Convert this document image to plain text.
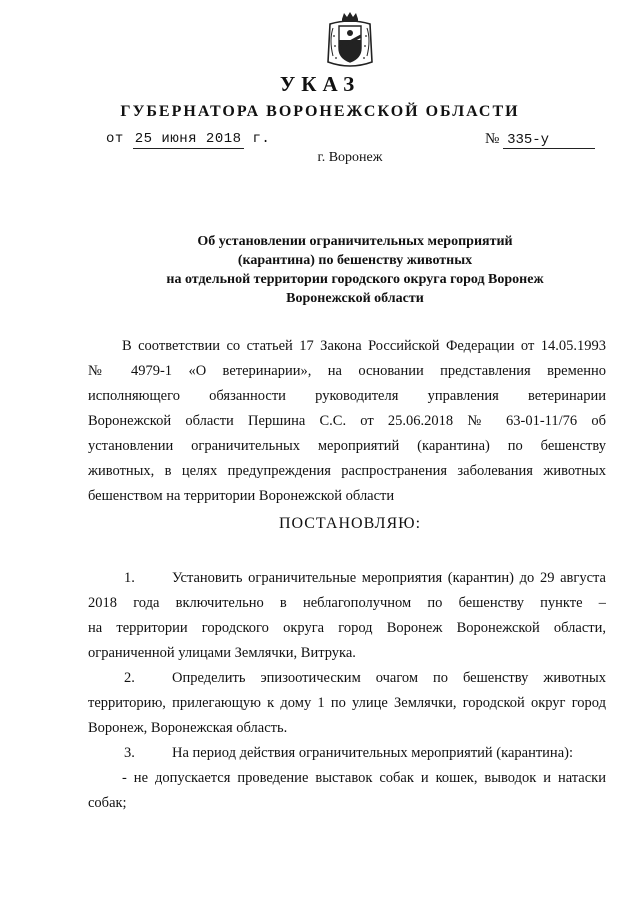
УКАЗ
ГУБЕРНАТОРА ВОРОНЕЖСКОЙ ОБЛАСТИ
от 25 июня 2018 г.	№ 335-у
г. Воронеж
Об установлении ограничительных мероприятий
(карантина) по бешенству животных
на отдельной территории городского округа город Воронеж
Воронежской области
В соответствии со статьей 17 Закона Российской Федерации от 14.05.1993
№ 4979-1 «О ветеринарии», на основании представления временно
исполняющего обязанности руководителя управления ветеринарии
Воронежской области Першина С.С. от 25.06.2018 № 63-01-11/76 об
установлении ограничительных мероприятий (карантина) по бешенству
животных, в целях предупреждения распространения заболевания животных
бешенством на территории Воронежской области
ПОСТАНОВЛЯЮ:
1.	Установить ограничительные мероприятия (карантин) до 29 августа
2018 года включительно в неблагополучном по бешенству пункте –
на территории городского округа город Воронеж Воронежской области,
ограниченной улицами Землячки, Витрука.
2.	Определить эпизоотическим очагом по бешенству животных
территорию, прилегающую к дому 1 по улице Землячки, городской округ город
Воронеж, Воронежская область.
3.	На период действия ограничительных мероприятий (карантина):
- не допускается проведение выставок собак и кошек, выводок и натаски
собак;
